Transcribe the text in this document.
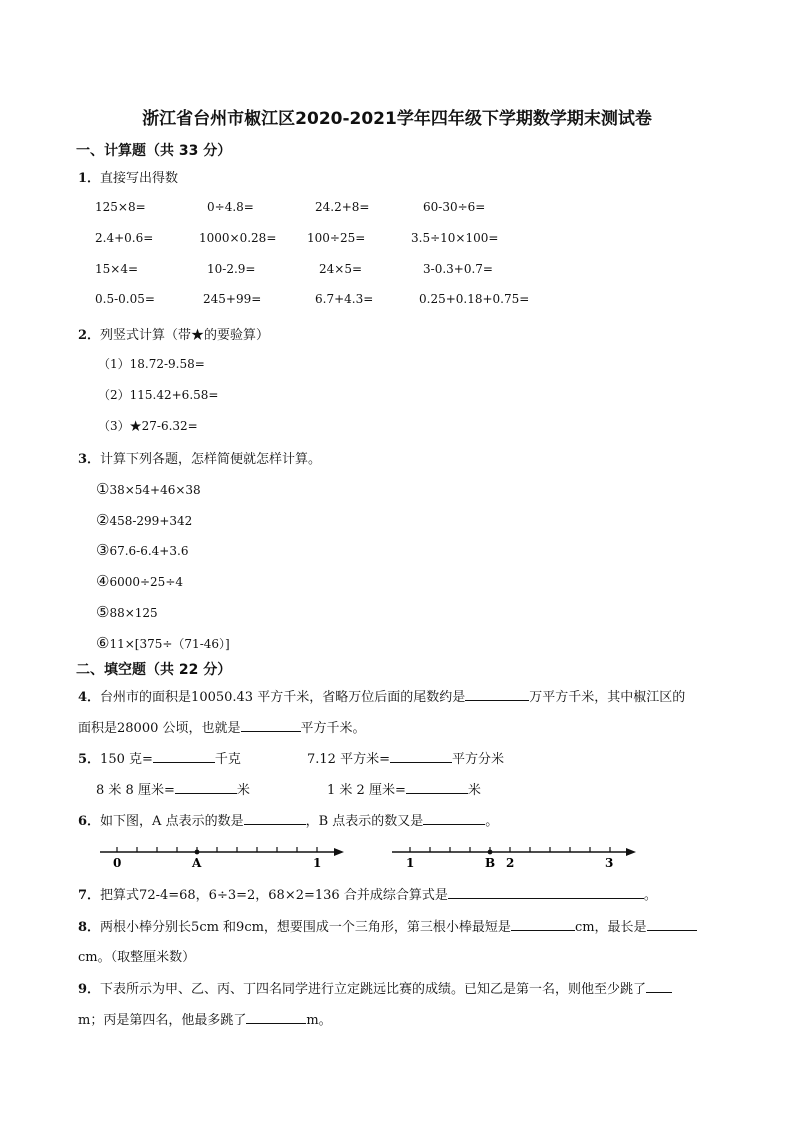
浙江省台州市椒江区2020-2021学年四年级下学期数学期末测试卷
一、计算题（共 33 分）
1．直接写出得数
125×8=	0÷4.8=	24.2+8=	60-30÷6=
2.4+0.6=	1000×0.28=	100÷25=	3.5÷10×100=
15×4=	10-2.9=	24×5=	3-0.3+0.7=
0.5-0.05=	245+99=	6.7+4.3=	0.25+0.18+0.75=
2．列竖式计算（带★的要验算）
（1）18.72-9.58=
（2）115.42+6.58=
（3）★27-6.32=
3．计算下列各题，怎样简便就怎样计算。
①38×54+46×38
②458-299+342
③67.6-6.4+3.6
④6000÷25÷4
⑤88×125
⑥11×[375÷（71-46）]
二、填空题（共 22 分）
4．台州市的面积是10050.43 平方千米，省略万位后面的尾数约是	万平方千米，其中椒江区的
面积是28000 公顷，也就是	平方千米。
5．150 克=	千克	7.12 平方米=	平方分米
8 米 8 厘米=	米	1 米 2 厘米=	米
6．如下图，A 点表示的数是	，B 点表示的数又是	。
0	A	1	1	B 2	3
7．把算式72-4=68，6÷3=2，68×2=136 合并成综合算式是	。
8．两根小棒分别长5cm 和9cm，想要围成一个三角形，第三根小棒最短是	cm，最长是
cm。（取整厘米数）
9．下表所示为甲、乙、丙、丁四名同学进行立定跳远比赛的成绩。已知乙是第一名，则他至少跳了
m；丙是第四名，他最多跳了	m。
